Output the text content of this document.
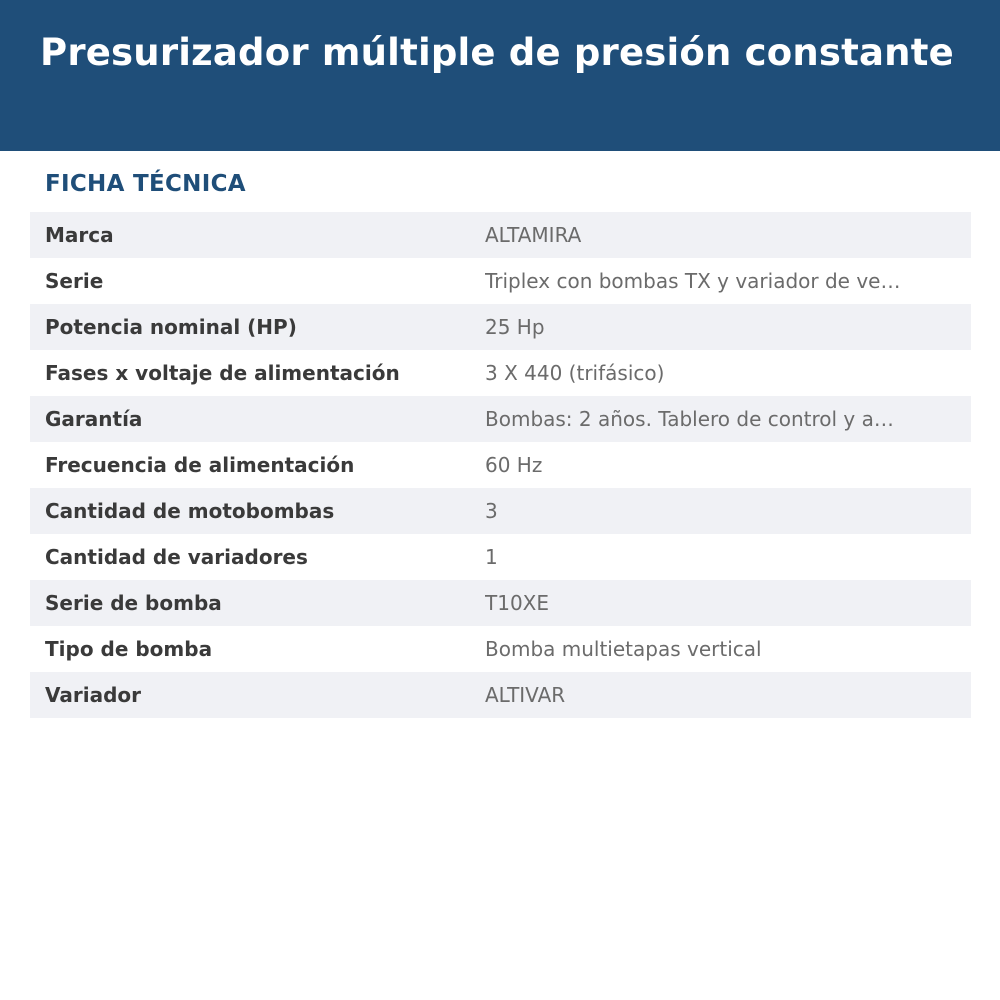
Presurizador múltiple de presión constante
FICHA TÉCNICA
Marca	ALTAMIRA
Serie	Triplex con bombas TX y variador de ve…
Potencia nominal (HP)	25 Hp
Fases x voltaje de alimentación	3 X 440 (trifásico)
Garantía	Bombas: 2 años. Tablero de control y a…
Frecuencia de alimentación	60 Hz
Cantidad de motobombas	3
Cantidad de variadores	1
Serie de bomba	T10XE
Tipo de bomba	Bomba multietapas vertical
Variador	ALTIVAR
